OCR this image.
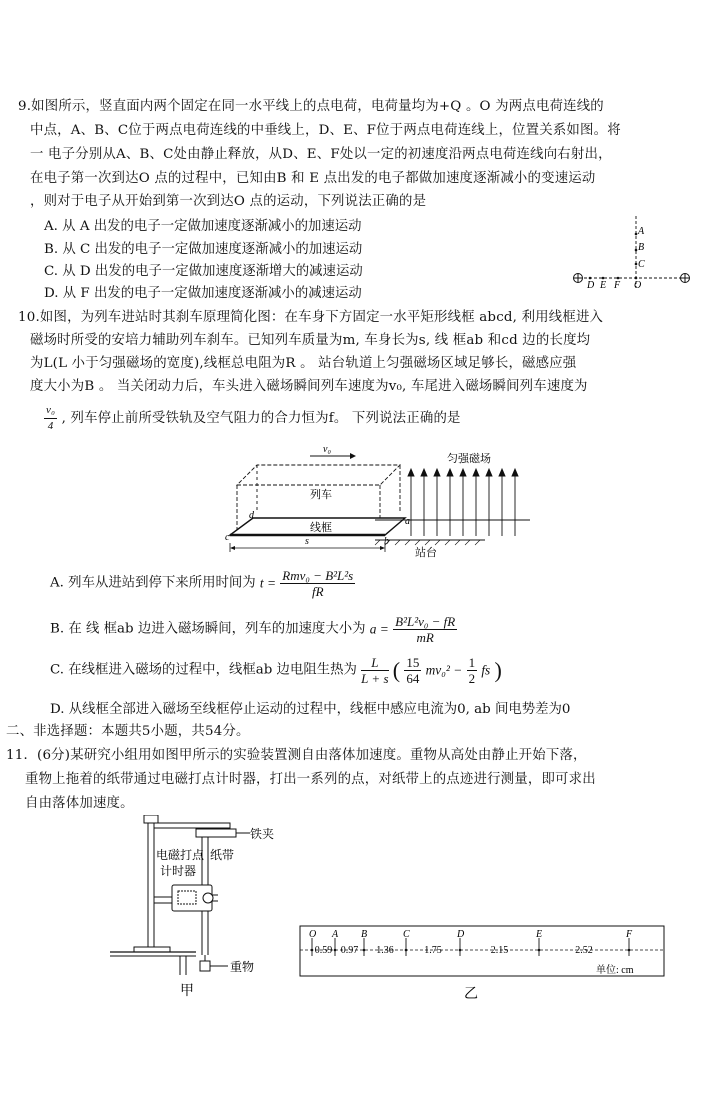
9.如图所示，竖直面内两个固定在同一水平线上的点电荷，电荷量均为+Q 。O 为两点电荷连线的
中点，A、B、C位于两点电荷连线的中垂线上，D、E、F位于两点电荷连线上，位置关系如图。将
一 电子分别从A、B、C处由静止释放，从D、E、F处以一定的初速度沿两点电荷连线向右射出，
在电子第一次到达O 点的过程中，已知由B 和 E 点出发的电子都做加速度逐渐减小的变速运动
，则对于电子从开始到第一次到达O 点的运动，下列说法正确的是
A. 从 A 出发的电子一定做加速度逐渐减小的加速运动
B. 从 C 出发的电子一定做加速度逐渐减小的加速运动
C. 从 D 出发的电子一定做加速度逐渐增大的减速运动
D. 从 F 出发的电子一定做加速度逐渐减小的减速运动
A
B
C
D E F O
10.如图，为列车进站时其刹车原理简化图：在车身下方固定一水平矩形线框 abcd, 利用线框进入
磁场时所受的安培力辅助列车刹车。已知列车质量为m, 车身长为s, 线 框ab 和cd 边的长度均
为L(L 小于匀强磁场的宽度),线框总电阻为R 。 站台轨道上匀强磁场区域足够长，磁感应强
度大小为B 。 当关闭动力后，车头进入磁场瞬间列车速度为v₀, 车尾进入磁场瞬间列车速度为
$\frac{\text{v₀}}{4}$ , 列车停止前所受铁轨及空气阻力的合力恒为f。 下列说法正确的是
v₀
列车
线框
a
b
c
d
s
匀强磁场
站台
A. 列车从进站到停下来所用时间为 $t = \frac{\text{Rmv₀ − B²L²s}}{fR}$
B. 在 线 框ab 边进入磁场瞬间，列车的加速度大小为 $a = \frac{\text{B²L²v₀ − fR}}{mR}$
C. 在线框进入磁场的过程中，线框ab 边电阻生热为 $\frac{L}{L + s}$ ( $\frac{15}{64} mv_0^2 - \frac{1}{2}$ fs )
D. 从线框全部进入磁场至线框停止运动的过程中，线框中感应电流为0, ab 间电势差为0
二、非选择题：本题共5小题，共54分。
11．(6分)某研究小组用如图甲所示的实验装置测自由落体加速度。重物从高处由静止开始下落，
重物上拖着的纸带通过电磁打点计时器，打出一系列的点，对纸带上的点迹进行测量，即可求出
自由落体加速度。
铁夹
电磁打点
计时器
纸带
重物
甲
O A B	C	D	E	F
0.59 0.97 1.36	1.75	2.15	2.52
单位: cm
乙
